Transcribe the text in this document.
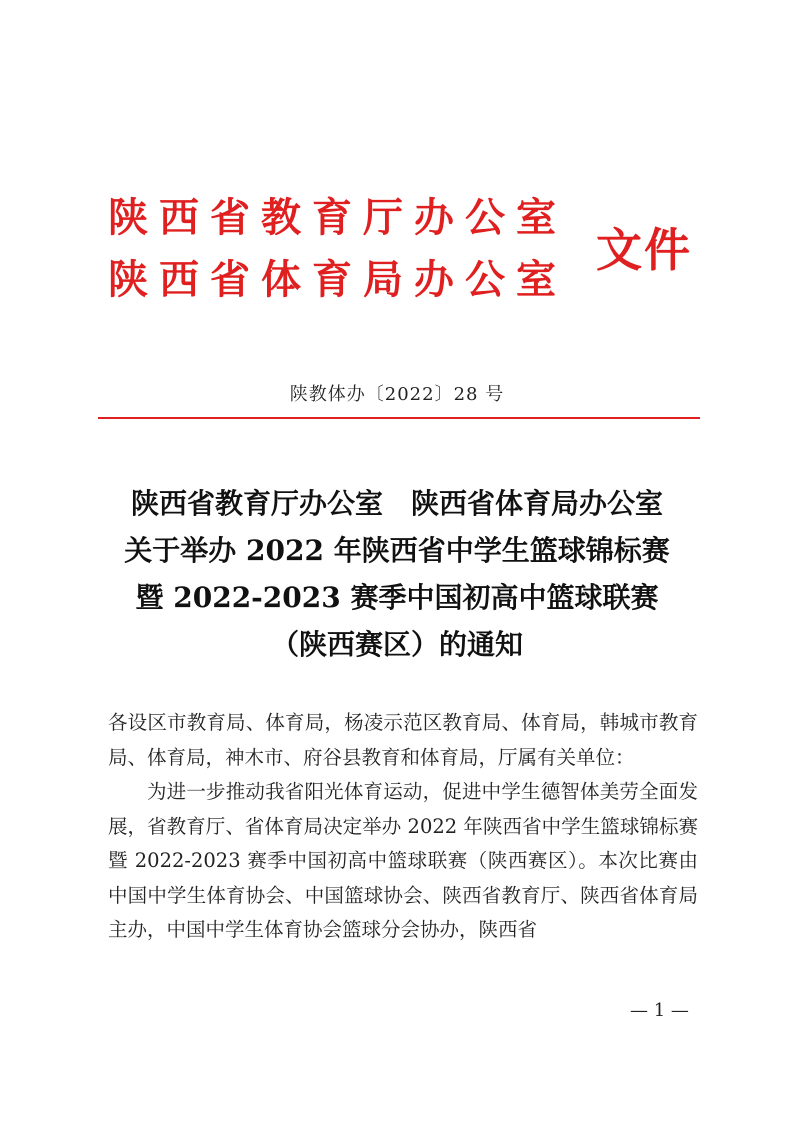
陕西省教育厅办公室
陕西省体育局办公室
文件
陕教体办〔2022〕28 号
陕西省教育厅办公室　陕西省体育局办公室
关于举办 2022 年陕西省中学生篮球锦标赛
暨 2022-2023 赛季中国初高中篮球联赛
（陕西赛区）的通知

各设区市教育局、体育局，杨凌示范区教育局、体育局，韩城市教育局、体育局，神木市、府谷县教育和体育局，厅属有关单位：

为进一步推动我省阳光体育运动，促进中学生德智体美劳全面发展，省教育厅、省体育局决定举办 2022 年陕西省中学生篮球锦标赛暨 2022-2023 赛季中国初高中篮球联赛（陕西赛区）。本次比赛由中国中学生体育协会、中国篮球协会、陕西省教育厅、陕西省体育局主办，中国中学生体育协会篮球分会协办，陕西省

— 1 —
